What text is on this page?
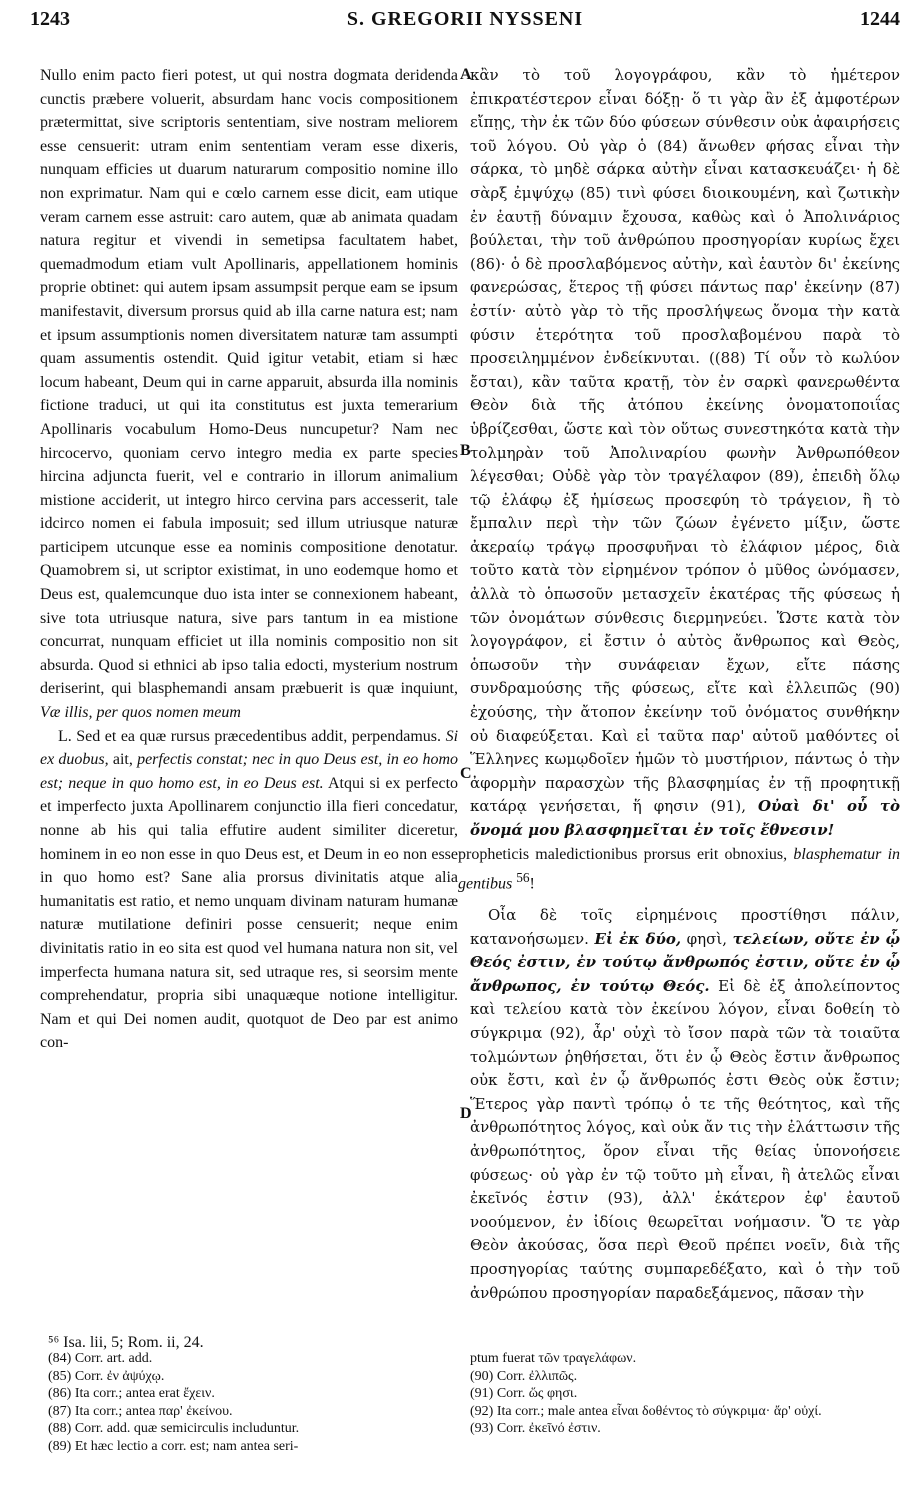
1243	S. GREGORII NYSSENI	1244
A
B
C
D

Nullo enim pacto fieri potest, ut qui nostra dogmata deridenda cunctis præbere voluerit, absurdam hanc vocis compositionem prætermittat, sive scriptoris sententiam, sive nostram meliorem esse censuerit: utram enim sententiam veram esse dixeris, nunquam efficies ut duarum naturarum compositio nomine illo non exprimatur. Nam qui e cœlo carnem esse dicit, eam utique veram carnem esse astruit: caro autem, quæ ab animata quadam natura regitur et vivendi in semetipsa facultatem habet, quemadmodum etiam vult Apollinaris, appellationem hominis proprie obtinet: qui autem ipsam assumpsit perque eam se ipsum manifestavit, diversum prorsus quid ab illa carne natura est; nam et ipsum assumptionis nomen diversitatem naturæ tam assumpti quam assumentis ostendit. Quid igitur vetabit, etiam si hæc locum habeant, Deum qui in carne apparuit, absurda illa nominis fictione traduci, ut qui ita constitutus est juxta temerarium Apollinaris vocabulum Homo-Deus nuncupetur? Nam nec hircocervo, quoniam cervo integro media ex parte species hircina adjuncta fuerit, vel e contrario in illorum animalium mistione acciderit, ut integro hirco cervina pars accesserit, tale idcirco nomen ei fabula imposuit; sed illum utriusque naturæ participem utcunque esse ea nominis compositione denotatur. Quamobrem si, ut scriptor existimat, in uno eodemque homo et Deus est, qualemcunque duo ista inter se connexionem habeant, sive tota utriusque natura, sive pars tantum in ea mistione concurrat, nunquam efficiet ut illa nominis compositio non sit absurda. Quod si ethnici ab ipso talia edocti, mysterium nostrum deriserint, qui blasphemandi ansam præbuerit is quæ inquiunt, Væ illis, per quos nomen meum

L. Sed et ea quæ rursus præcedentibus addit, perpendamus. Si ex duobus, ait, perfectis constat; nec in quo Deus est, in eo homo est; neque in quo homo est, in eo Deus est. Atqui si ex perfecto et imperfecto juxta Apollinarem conjunctio illa fieri concedatur, nonne ab his qui talia effutire audent similiter diceretur, hominem in eo non esse in quo Deus est, et Deum in eo non esse in quo homo est? Sane alia prorsus divinitatis atque alia humanitatis est ratio, et nemo unquam divinam naturam humanæ naturæ mutilatione definiri posse censuerit; neque enim divinitatis ratio in eo sita est quod vel humana natura non sit, vel imperfecta humana natura sit, sed utraque res, si seorsim mente comprehendatur, propria sibi unaquæque notione intelligitur. Nam et qui Dei nomen audit, quotquot de Deo par est animo con-

κἂν τὸ τοῦ λογογράφου, κἂν τὸ ἡμέτερον ἐπικρατέστερον εἶναι δόξῃ· ὅ τι γὰρ ἂν ἐξ ἀμφοτέρων εἴπῃς, τὴν ἐκ τῶν δύο φύσεων σύνθεσιν οὐκ ἀφαιρήσεις τοῦ λόγου. Οὐ γὰρ ὁ (84) ἄνωθεν φήσας εἶναι τὴν σάρκα, τὸ μηδὲ σάρκα αὐτὴν εἶναι κατασκευάζει· ἡ δὲ σὰρξ ἐμψύχῳ (85) τινὶ φύσει διοικουμένη, καὶ ζωτικὴν ἐν ἑαυτῇ δύναμιν ἔχουσα, καθὼς καὶ ὁ Ἀπολινάριος βούλεται, τὴν τοῦ ἀνθρώπου προσηγορίαν κυρίως ἔχει (86)· ὁ δὲ προσλαβόμενος αὐτὴν, καὶ ἑαυτὸν δι' ἐκείνης φανερώσας, ἕτερος τῇ φύσει πάντως παρ' ἐκείνην (87) ἐστίν· αὐτὸ γὰρ τὸ τῆς προσλήψεως ὄνομα τὴν κατὰ φύσιν ἑτερότητα τοῦ προσλαβομένου παρὰ τὸ προσειλημμένον ἐνδείκνυται. ((88) Τί οὖν τὸ κωλύον ἔσται), κἂν ταῦτα κρατῇ, τὸν ἐν σαρκὶ φανερωθέντα Θεὸν διὰ τῆς ἀτόπου ἐκείνης ὀνοματοποιΐας ὑβρίζεσθαι, ὥστε καὶ τὸν οὕτως συνεστηκότα κατὰ τὴν τολμηρὰν τοῦ Ἀπολιναρίου φωνὴν Ἀνθρωπόθεον λέγεσθαι; Οὐδὲ γὰρ τὸν τραγέλαφον (89), ἐπειδὴ ὅλῳ τῷ ἐλάφῳ ἐξ ἡμίσεως προσεφύη τὸ τράγειον, ἢ τὸ ἔμπαλιν περὶ τὴν τῶν ζώων ἐγένετο μίξιν, ὥστε ἀκεραίῳ τράγῳ προσφυῆναι τὸ ἐλάφιον μέρος, διὰ τοῦτο κατὰ τὸν εἰρημένον τρόπον ὁ μῦθος ὠνόμασεν, ἀλλὰ τὸ ὁπωσοῦν μετασχεῖν ἑκατέρας τῆς φύσεως ἡ τῶν ὀνομάτων σύνθεσις διερμηνεύει. Ὥστε κατὰ τὸν λογογράφον, εἰ ἔστιν ὁ αὐτὸς ἄνθρωπος καὶ Θεὸς, ὁπωσοῦν τὴν συνάφειαν ἔχων, εἴτε πάσης συνδραμούσης τῆς φύσεως, εἴτε καὶ ἐλλειπῶς (90) ἐχούσης, τὴν ἄτοπον ἐκείνην τοῦ ὀνόματος συνθήκην οὐ διαφεύξεται. Καὶ εἰ ταῦτα παρ' αὐτοῦ μαθόντες οἱ Ἕλληνες κωμῳδοῖεν ἡμῶν τὸ μυστήριον, πάντως ὁ τὴν ἀφορμὴν παρασχὼν τῆς βλασφημίας ἐν τῇ προφητικῇ κατάρᾳ γενήσεται, ἥ φησιν (91), Οὐαὶ δι' οὗ τὸ ὄνομά μου βλασφημεῖται ἐν τοῖς ἔθνεσιν!

propheticis maledictionibus prorsus erit obnoxius, blasphematur in gentibus $^{56}$!

Οἷα δὲ τοῖς εἰρημένοις προστίθησι πάλιν, κατανοήσωμεν. Εἰ ἐκ δύο, φησὶ, τελείων, οὔτε ἐν ᾧ Θεός ἐστιν, ἐν τούτῳ ἄνθρωπός ἐστιν, οὔτε ἐν ᾧ ἄνθρωπος, ἐν τούτῳ Θεός. Εἰ δὲ ἐξ ἀπολείποντος καὶ τελείου κατὰ τὸν ἐκείνου λόγον, εἶναι δοθείη τὸ σύγκριμα (92), ἆρ' οὐχὶ τὸ ἴσον παρὰ τῶν τὰ τοιαῦτα τολμώντων ῥηθήσεται, ὅτι ἐν ᾧ Θεὸς ἔστιν ἄνθρωπος οὐκ ἔστι, καὶ ἐν ᾧ ἄνθρωπός ἐστι Θεὸς οὐκ ἔστιν; Ἕτερος γὰρ παντὶ τρόπῳ ὁ τε τῆς θεότητος, καὶ τῆς ἀνθρωπότητος λόγος, καὶ οὐκ ἄν τις τὴν ἐλάττωσιν τῆς ἀνθρωπότητος, ὅρον εἶναι τῆς θείας ὑπονοήσειε φύσεως· οὐ γὰρ ἐν τῷ τοῦτο μὴ εἶναι, ἢ ἀτελῶς εἶναι ἐκεῖνός ἐστιν (93), ἀλλ' ἑκάτερον ἐφ' ἑαυτοῦ νοούμενον, ἐν ἰδίοις θεωρεῖται νοήμασιν. Ὅ τε γὰρ Θεὸν ἀκούσας, ὅσα περὶ Θεοῦ πρέπει νοεῖν, διὰ τῆς προσηγορίας ταύτης συμπαρεδέξατο, καὶ ὁ τὴν τοῦ ἀνθρώπου προσηγορίαν παραδεξάμενος, πᾶσαν τὴν

⁵⁶ Isa. lii, 5; Rom. ii, 24.
(84) Corr. art. add.
(85) Corr. ἐν ἀψύχῳ.
(86) Ita corr.; antea erat ἔχειν.
(87) Ita corr.; antea παρ' ἐκείνου.
(88) Corr. add. quæ semicirculis includuntur.
(89) Et hæc lectio a corr. est; nam antea seri-
ptum fuerat τῶν τραγελάφων.
(90) Corr. ἐλλιπῶς.
(91) Corr. ὥς φησι.
(92) Ita corr.; male antea εἶναι δοθέντος τὸ σύγκριμα· ἄρ' οὐχί.
(93) Corr. ἐκεῖνό ἐστιν.
